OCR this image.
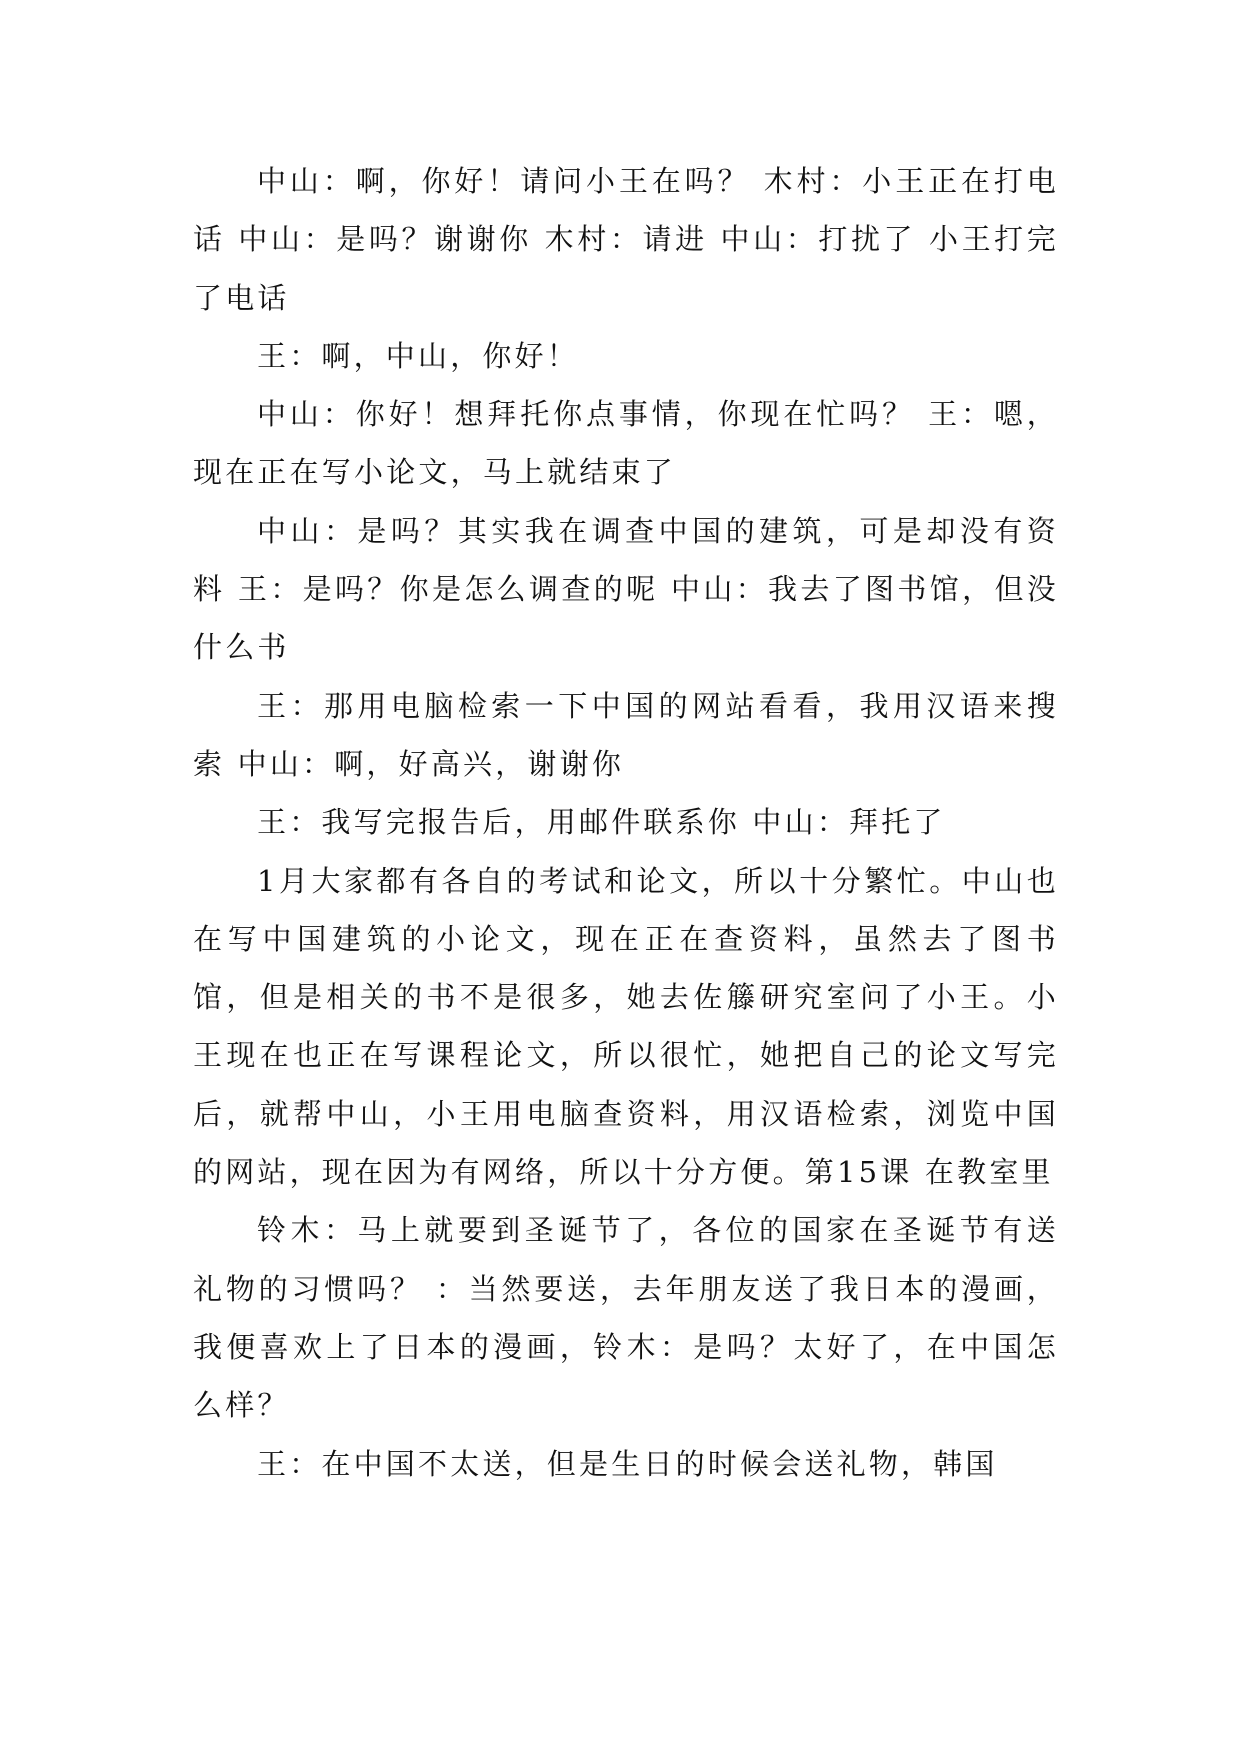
中山：啊，你好！请问小王在吗？ 木村：小王正在打电话 中山：是吗？谢谢你 木村：请进 中山：打扰了 小王打完了电话

王：啊，中山，你好！

中山：你好！想拜托你点事情，你现在忙吗？ 王：嗯，现在正在写小论文，马上就结束了

中山：是吗？其实我在调查中国的建筑，可是却没有资料 王：是吗？你是怎么调查的呢 中山：我去了图书馆，但没什么书

王：那用电脑检索一下中国的网站看看，我用汉语来搜索 中山：啊，好高兴，谢谢你

王：我写完报告后，用邮件联系你 中山：拜托了

1月大家都有各自的考试和论文，所以十分繁忙。中山也在写中国建筑的小论文，现在正在查资料，虽然去了图书馆，但是相关的书不是很多，她去佐籐研究室问了小王。小王现在也正在写课程论文，所以很忙，她把自己的论文写完后，就帮中山，小王用电脑查资料，用汉语检索，浏览中国的网站，现在因为有网络，所以十分方便。第15课 在教室里

铃木：马上就要到圣诞节了，各位的国家在圣诞节有送礼物的习惯吗？ ：当然要送，去年朋友送了我日本的漫画，我便喜欢上了日本的漫画，铃木：是吗？太好了，在中国怎么样？

王：在中国不太送，但是生日的时候会送礼物，韩国
